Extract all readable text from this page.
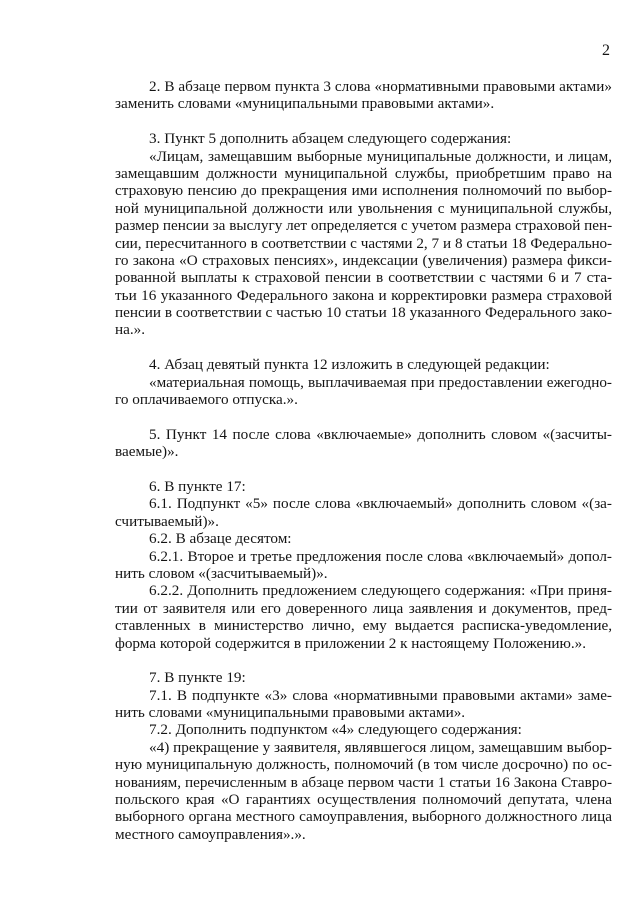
2
2. В абзаце первом пункта 3 слова «нормативными правовыми актами»
заменить словами «муниципальными правовыми актами».
3. Пункт 5 дополнить абзацем следующего содержания:
«Лицам, замещавшим выборные муниципальные должности, и лицам,
замещавшим должности муниципальной службы, приобретшим право на
страховую пенсию до прекращения ими исполнения полномочий по выбор-
ной муниципальной должности или увольнения с муниципальной службы,
размер пенсии за выслугу лет определяется с учетом размера страховой пен-
сии, пересчитанного в соответствии с частями 2, 7 и 8 статьи 18 Федерально-
го закона «О страховых пенсиях», индексации (увеличения) размера фикси-
рованной выплаты к страховой пенсии в соответствии с частями 6 и 7 ста-
тьи 16 указанного Федерального закона и корректировки размера страховой
пенсии в соответствии с частью 10 статьи 18 указанного Федерального зако-
на.».
4. Абзац девятый пункта 12 изложить в следующей редакции:
«материальная помощь, выплачиваемая при предоставлении ежегодно-
го оплачиваемого отпуска.».
5. Пункт 14 после слова «включаемые» дополнить словом «(засчиты-
ваемые)».
6. В пункте 17:
6.1. Подпункт «5» после слова «включаемый» дополнить словом «(за-
считываемый)».
6.2. В абзаце десятом:
6.2.1. Второе и третье предложения после слова «включаемый» допол-
нить словом «(засчитываемый)».
6.2.2. Дополнить предложением следующего содержания: «При приня-
тии от заявителя или его доверенного лица заявления и документов, пред-
ставленных в министерство лично, ему выдается расписка-уведомление,
форма которой содержится в приложении 2 к настоящему Положению.».
7. В пункте 19:
7.1. В подпункте «3» слова «нормативными правовыми актами» заме-
нить словами «муниципальными правовыми актами».
7.2. Дополнить подпунктом «4» следующего содержания:
«4) прекращение у заявителя, являвшегося лицом, замещавшим выбор-
ную муниципальную должность, полномочий (в том числе досрочно) по ос-
нованиям, перечисленным в абзаце первом части 1 статьи 16 Закона Ставро-
польского края «О гарантиях осуществления полномочий депутата, члена
выборного органа местного самоуправления, выборного должностного лица
местного самоуправления».».
